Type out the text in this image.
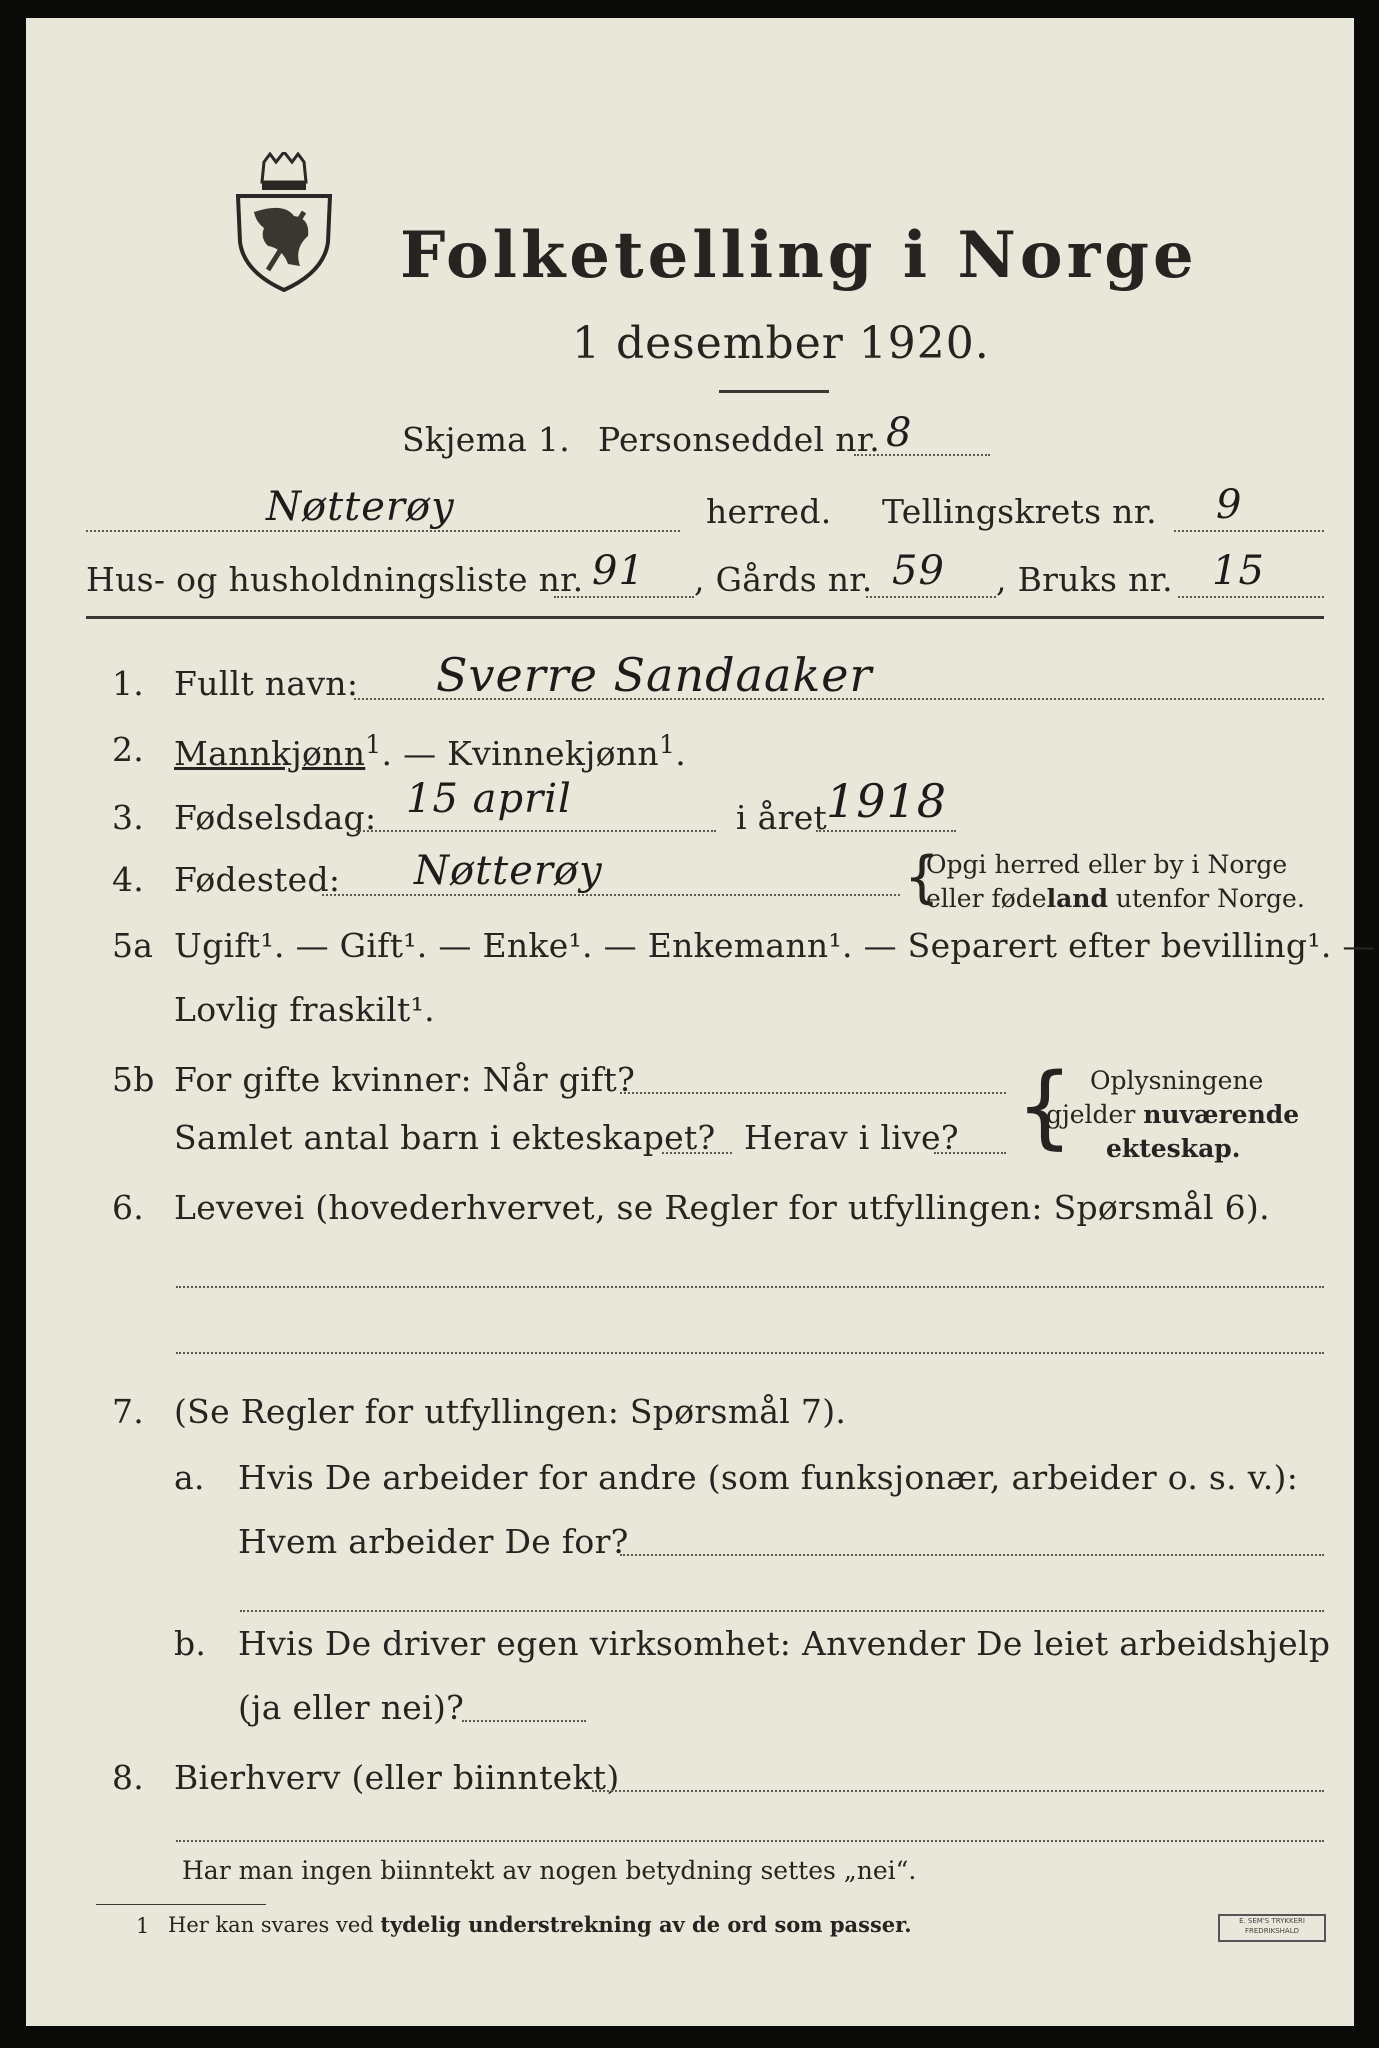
Folketelling i Norge
1 desember 1920.
Skjema 1. Personseddel nr. 8
Nøtterøy	herred. Tellingskrets nr. 9
Hus- og husholdningsliste nr. 91 , Gårds nr. 59 , Bruks nr. 15
1. Fullt navn: Sverre Sandaaker
2. Mannkjønn$^1$. — Kvinnekjønn$^1$.
3. Fødselsdag: 15 april	i året
1918
4. Fødested: Nøtterøy	{
Opgi herred eller by i Norge
eller fødeland utenfor Norge.
5a Ugift¹. — Gift¹. — Enke¹. — Enkemann¹. — Separert efter bevilling¹. —
Lovlig fraskilt¹.
5b For gifte kvinner: Når gift?
Samlet antal barn i ekteskapet? Herav i live? { Oplysningene
gjelder nuværende
ekteskap.
6. Levevei (hovederhvervet, se Regler for utfyllingen: Spørsmål 6).
7. (Se Regler for utfyllingen: Spørsmål 7).
a. Hvis De arbeider for andre (som funksjonær, arbeider o. s. v.):
Hvem arbeider De for?
b. Hvis De driver egen virksomhet: Anvender De leiet arbeidshjelp
(ja eller nei)?
8. Bierhverv (eller biinntekt)
Har man ingen biinntekt av nogen betydning settes „nei“.
1 Her kan svares ved tydelig understrekning av de ord som passer.	E. SEM'S TRYKKERI
FREDRIKSHALD
